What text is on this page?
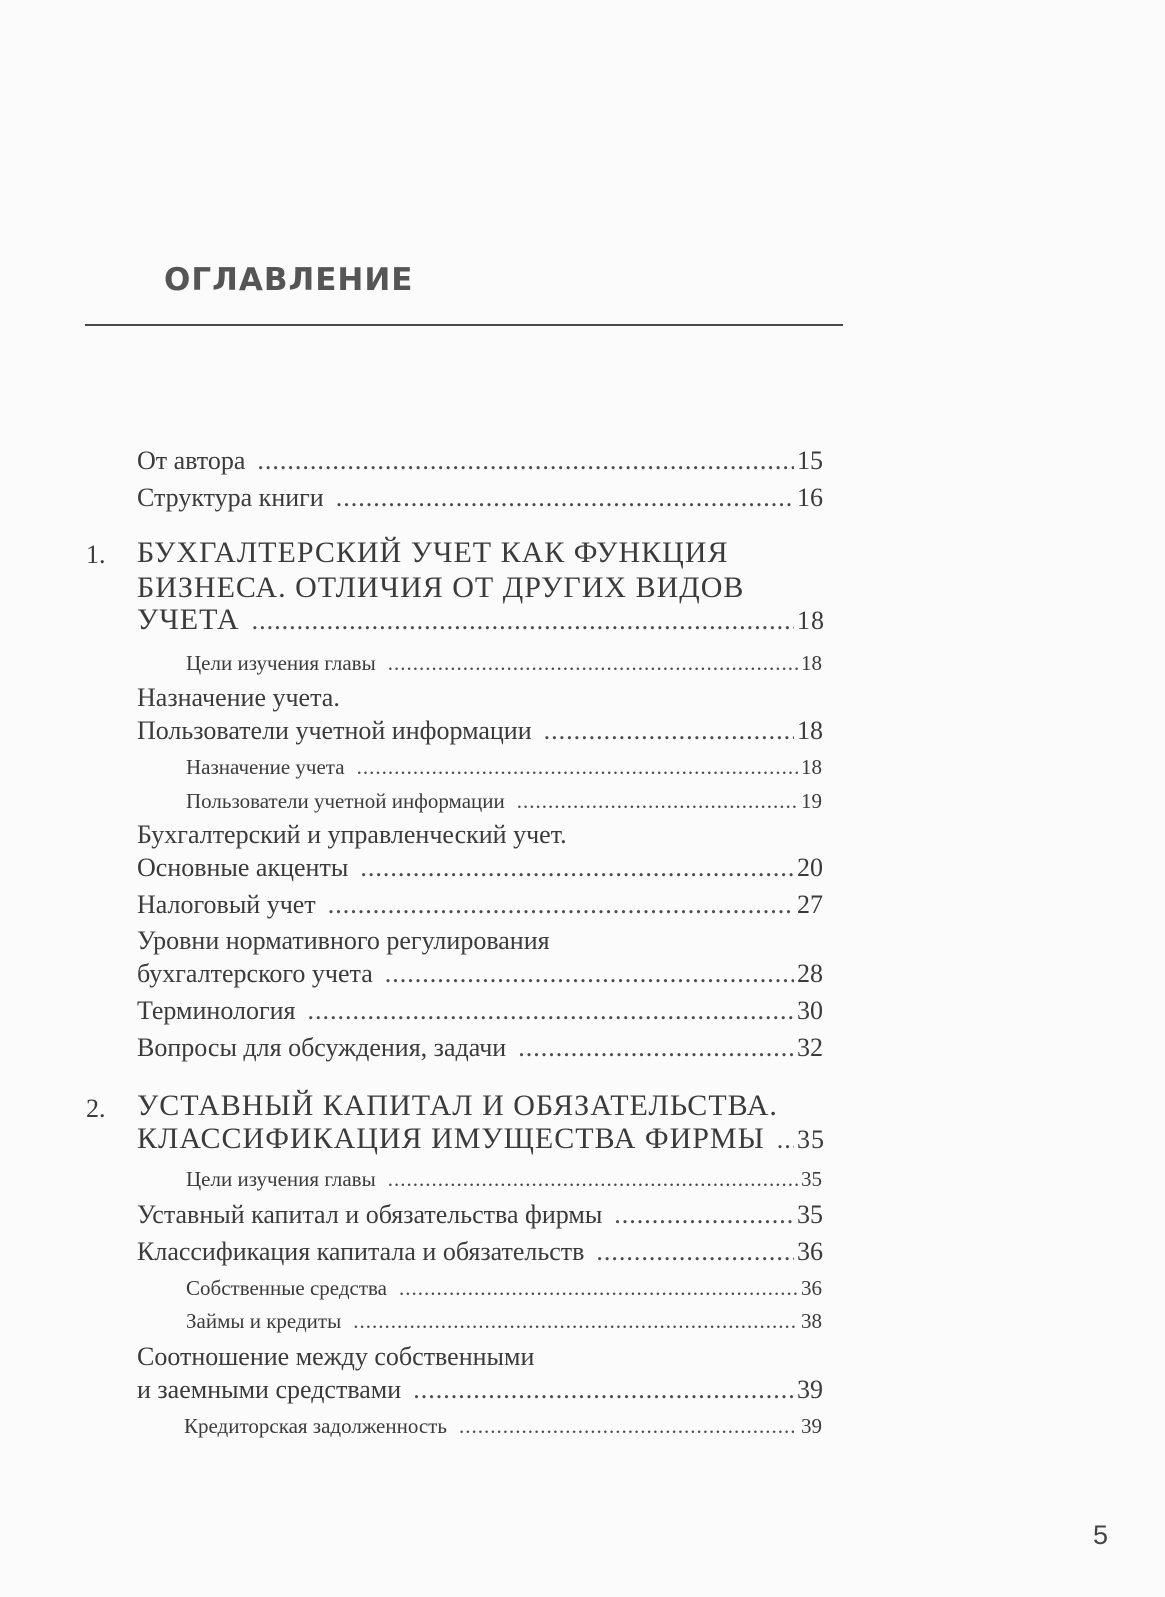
ОГЛАВЛЕНИЕ
От автора .....	15
Структура книги .....	16
1. БУХГАЛТЕРСКИЙ УЧЕТ КАК ФУНКЦИЯ
БИЗНЕСА. ОТЛИЧИЯ ОТ ДРУГИХ ВИДОВ
УЧЕТА .....	18
Цели изучения главы .....	18
Назначение учета.
Пользователи учетной информации .....	18
Назначение учета .....	18
Пользователи учетной информации .....	19
Бухгалтерский и управленческий учет.
Основные акценты .....	20
Налоговый учет .....	27
Уровни нормативного регулирования
бухгалтерского учета .....	28
Терминология .....	30
Вопросы для обсуждения, задачи .....	32
2. УСТАВНЫЙ КАПИТАЛ И ОБЯЗАТЕЛЬСТВА.
КЛАССИФИКАЦИЯ ИМУЩЕСТВА ФИРМЫ ..... 35
Цели изучения главы .....	35
Уставный капитал и обязательства фирмы .....	35
Классификация капитала и обязательств .....	36
Собственные средства .....	36
Займы и кредиты .....	38
Соотношение между собственными
и заемными средствами .....	39
Кредиторская задолженность .....	39
5
